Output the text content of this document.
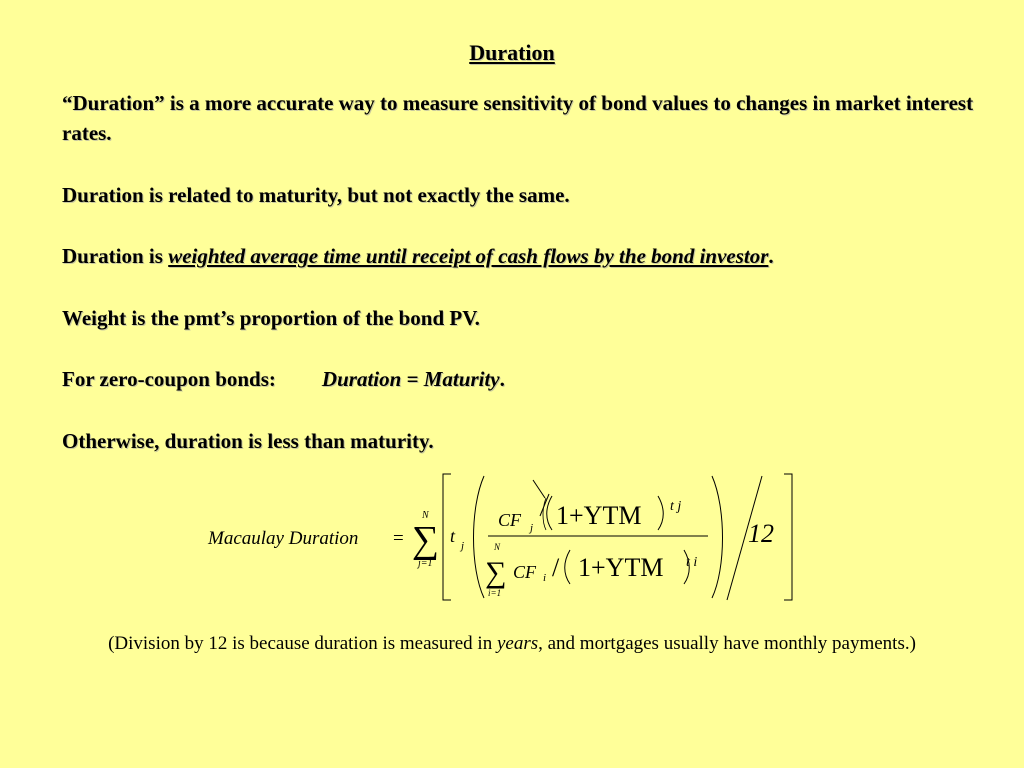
Duration
“Duration” is a more accurate way to measure sensitivity of bond values to changes in market interest rates.
Duration is related to maturity, but not exactly the same.
Duration is weighted average time until receipt of cash flows by the bond investor.
Weight is the pmt’s proportion of the bond PV.
For zero-coupon bonds: Duration = Maturity.
Otherwise, duration is less than maturity.
Macaulay Duration =
N
∑
j=1
t j
CF j 1+YTM t j
N
∑
i=1
CF i / 1+YTM t i
12
(Division by 12 is because duration is measured in years, and mortgages usually have monthly payments.)
